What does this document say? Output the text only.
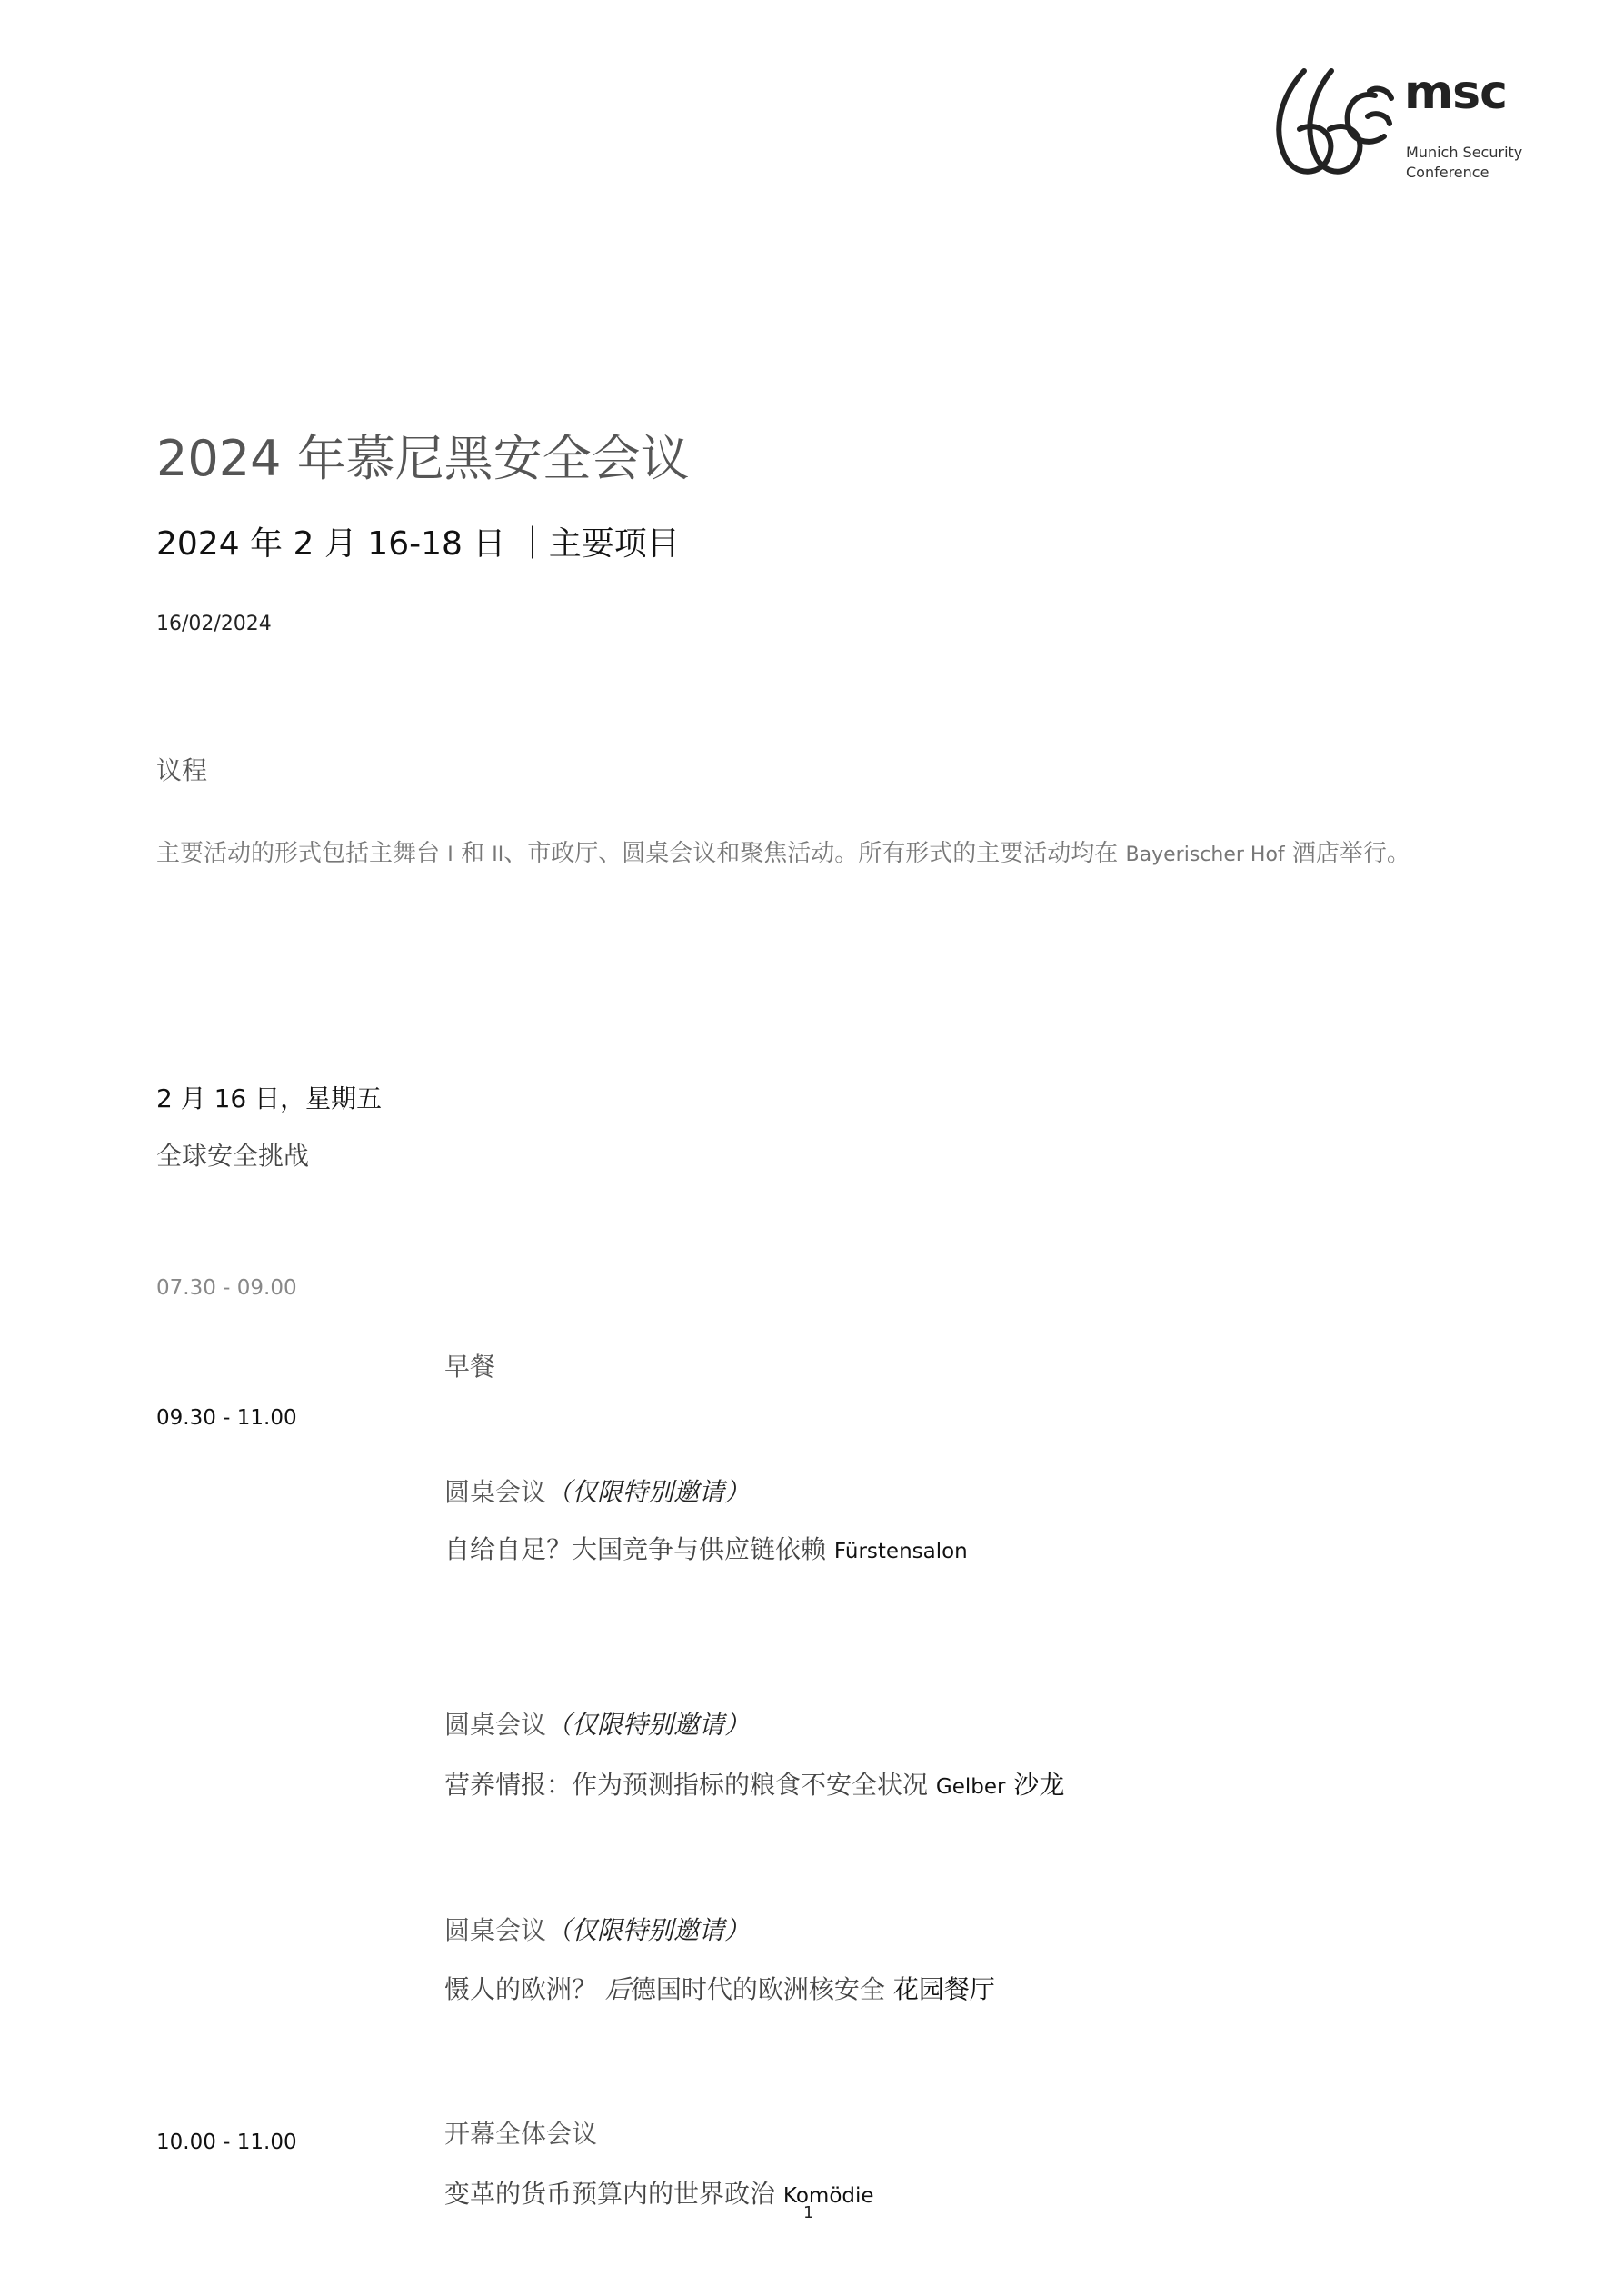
msc
Munich Security
Conference
2024 年慕尼黑安全会议
2024 年 2 月 16-18 日 ｜主要项目
16/02/2024
议程
主要活动的形式包括主舞台 I 和 II、市政厅、圆桌会议和聚焦活动。所有形式的主要活动均在 Bayerischer Hof 酒店举行。
2 月 16 日，星期五
全球安全挑战
07.30 - 09.00
早餐
09.30 - 11.00
圆桌会议（仅限特别邀请）
自给自足？大国竞争与供应链依赖 Fürstensalon
圆桌会议（仅限特别邀请）
营养情报：作为预测指标的粮食不安全状况 Gelber 沙龙
圆桌会议（仅限特别邀请）
慑人的欧洲？ 后德国时代的欧洲核安全 花园餐厅
10.00 - 11.00	开幕全体会议
变革的货币预算内的世界政治 Komödie
1
